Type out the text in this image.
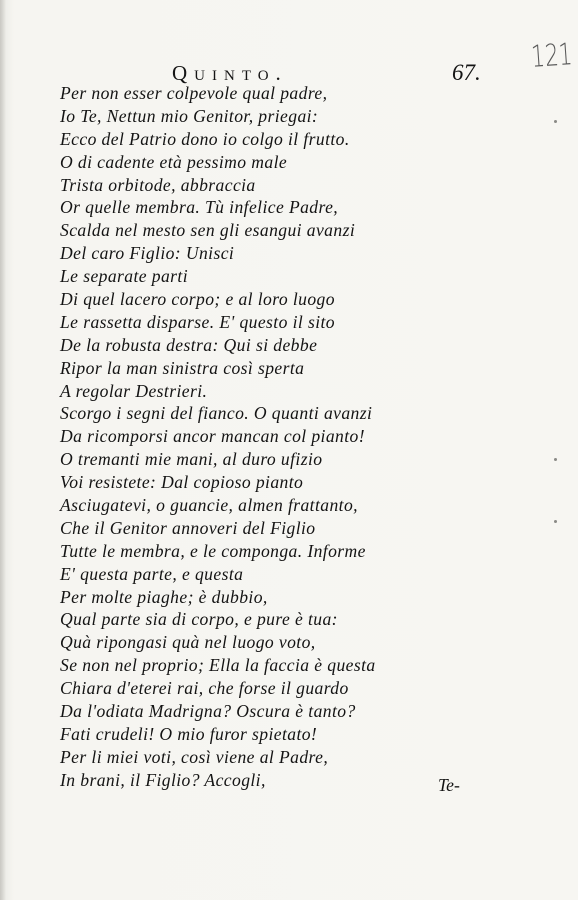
Quinto.	67. 121
Per non esser colpevole qual padre,
Io Te, Nettun mio Genitor, priegai:
Ecco del Patrio dono io colgo il frutto.
O di cadente età pessimo male
Trista orbitode, abbraccia
Or quelle membra. Tù infelice Padre,
Scalda nel mesto sen gli esangui avanzi
Del caro Figlio: Unisci
Le separate parti
Di quel lacero corpo; e al loro luogo
Le rassetta disparse. E' questo il sito
De la robusta destra: Qui si debbe
Ripor la man sinistra così sperta
A regolar Destrieri.
Scorgo i segni del fianco. O quanti avanzi
Da ricomporsi ancor mancan col pianto!
O tremanti mie mani, al duro ufizio
Voi resistete: Dal copioso pianto
Asciugatevi, o guancie, almen frattanto,
Che il Genitor annoveri del Figlio
Tutte le membra, e le componga. Informe
E' questa parte, e questa
Per molte piaghe; è dubbio,
Qual parte sia di corpo, e pure è tua:
Quà ripongasi quà nel luogo voto,
Se non nel proprio; Ella la faccia è questa
Chiara d'eterei rai, che forse il guardo
Da l'odiata Madrigna? Oscura è tanto?
Fati crudeli! O mio furor spietato!
Per li miei voti, così viene al Padre,
In brani, il Figlio? Accogli,	Te-
